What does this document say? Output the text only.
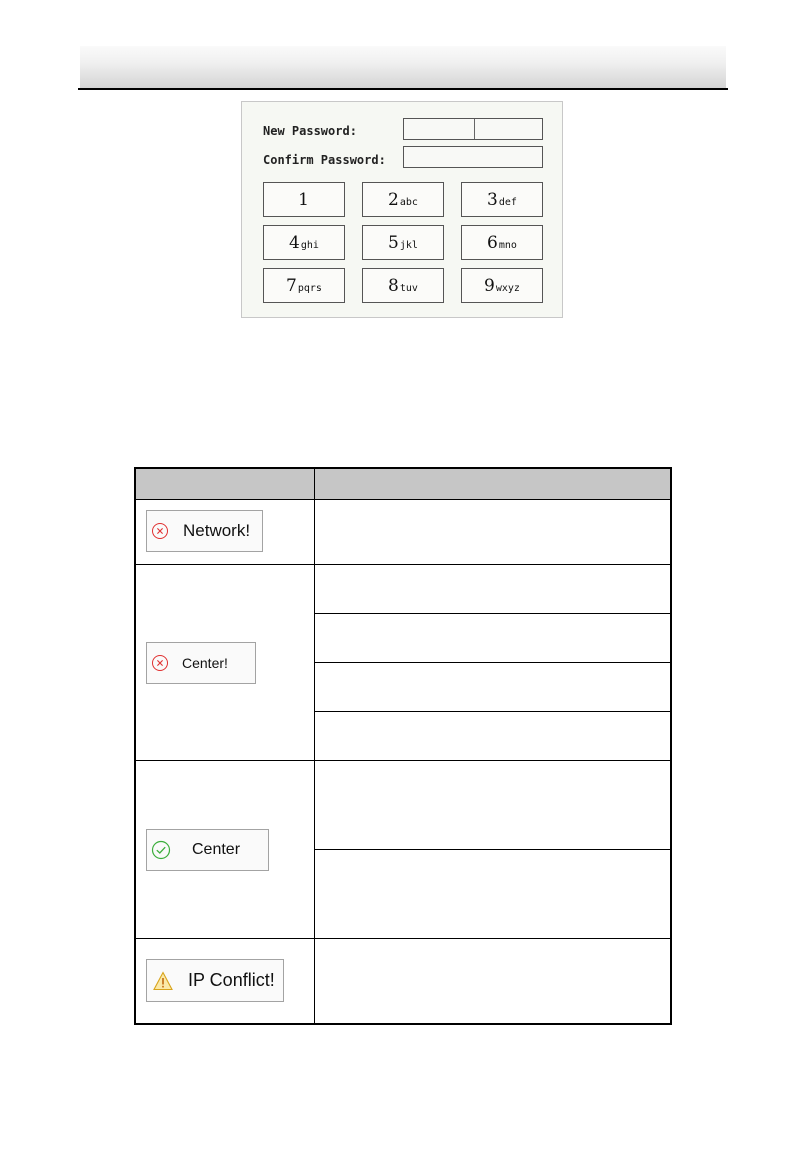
New Password:
Confirm Password:
1	2 abc	3 def
4 ghi	5 jkl	6 mno
7 pqrs	8 tuv	9 wxyz
Network!
Center!
Center
IP Conflict!
